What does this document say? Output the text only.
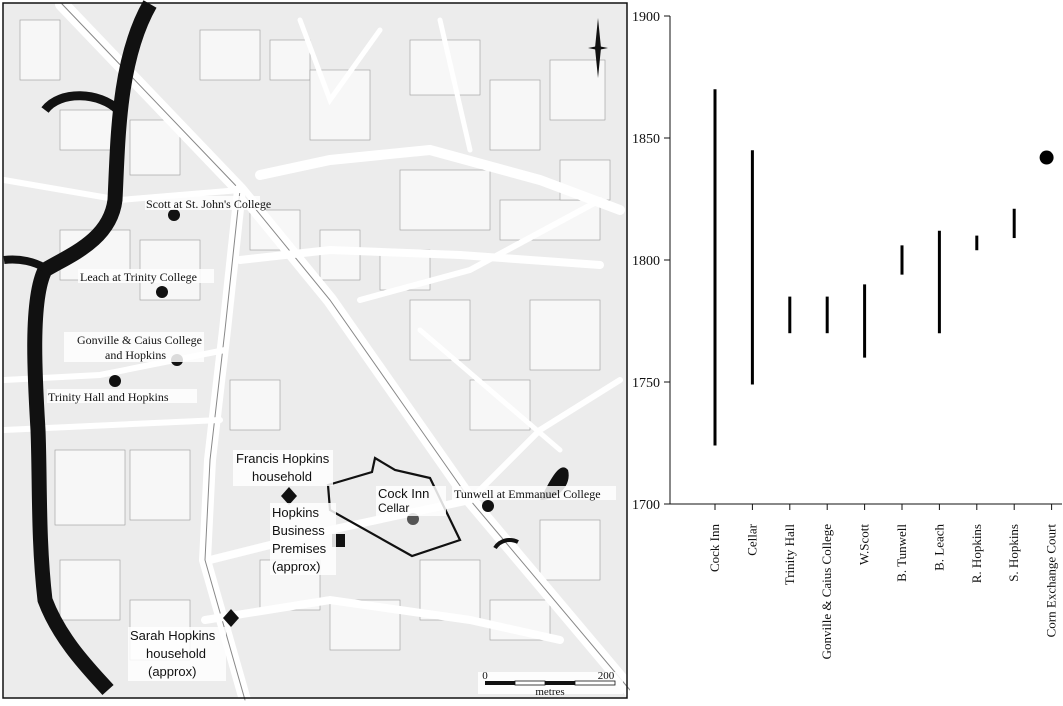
Scott at St. John's College
Leach at Trinity College
Gonville & Caius College
and Hopkins
Trinity Hall and Hopkins
Francis Hopkins
household
Hopkins
Business
Premises
(approx)
Cock Inn
Cellar
Tunwell at Emmanuel College
Sarah Hopkins
household
(approx)	0	200
metres
1900
1850
1800
1750
1700
Cock Inn Cellar Trinity Hall Gonville & Caius College W.Scott B. Tunwell B. Leach R. Hopkins S. Hopkins Corn Exchange Court
